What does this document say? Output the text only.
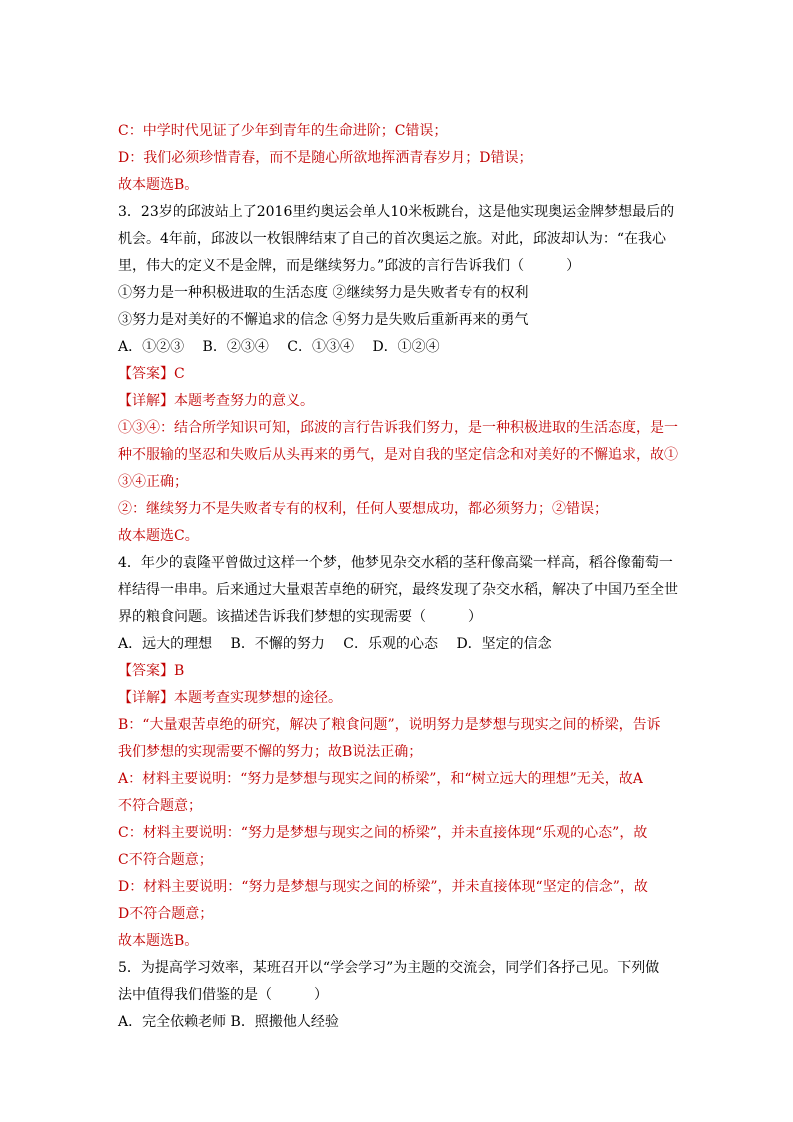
C：中学时代见证了少年到青年的生命进阶；C错误；
D：我们必须珍惜青春，而不是随心所欲地挥洒青春岁月；D错误；
故本题选B。
3．23岁的邱波站上了2016里约奥运会单人10米板跳台，这是他实现奥运金牌梦想最后的
机会。4年前，邱波以一枚银牌结束了自己的首次奥运之旅。对此，邱波却认为：“在我心
里，伟大的定义不是金牌，而是继续努力。”邱波的言行告诉我们（　　　）
①努力是一种积极进取的生活态度 ②继续努力是失败者专有的权利
③努力是对美好的不懈追求的信念 ④努力是失败后重新再来的勇气
A．①②③　 B．②③④　 C．①③④　 D．①②④
【答案】C
【详解】本题考查努力的意义。
①③④：结合所学知识可知，邱波的言行告诉我们努力，是一种积极进取的生活态度，是一
种不服输的坚忍和失败后从头再来的勇气，是对自我的坚定信念和对美好的不懈追求，故①
③④正确；
②：继续努力不是失败者专有的权利，任何人要想成功，都必须努力；②错误；
故本题选C。
4．年少的袁隆平曾做过这样一个梦，他梦见杂交水稻的茎秆像高粱一样高，稻谷像葡萄一
样结得一串串。后来通过大量艰苦卓绝的研究，最终发现了杂交水稻，解决了中国乃至全世
界的粮食问题。该描述告诉我们梦想的实现需要（　　　）
A．远大的理想　 B．不懈的努力　 C．乐观的心态　 D．坚定的信念
【答案】B
【详解】本题考查实现梦想的途径。
B：“大量艰苦卓绝的研究，解决了粮食问题”，说明努力是梦想与现实之间的桥梁，告诉
我们梦想的实现需要不懈的努力；故B说法正确；
A：材料主要说明：“努力是梦想与现实之间的桥梁”，和“树立远大的理想”无关，故A
不符合题意；
C：材料主要说明：“努力是梦想与现实之间的桥梁”，并未直接体现“乐观的心态”，故
C不符合题意；
D：材料主要说明：“努力是梦想与现实之间的桥梁”，并未直接体现“坚定的信念”，故
D不符合题意；
故本题选B。
5．为提高学习效率，某班召开以“学会学习”为主题的交流会，同学们各抒己见。下列做
法中值得我们借鉴的是（　　　）
A．完全依赖老师 B．照搬他人经验
